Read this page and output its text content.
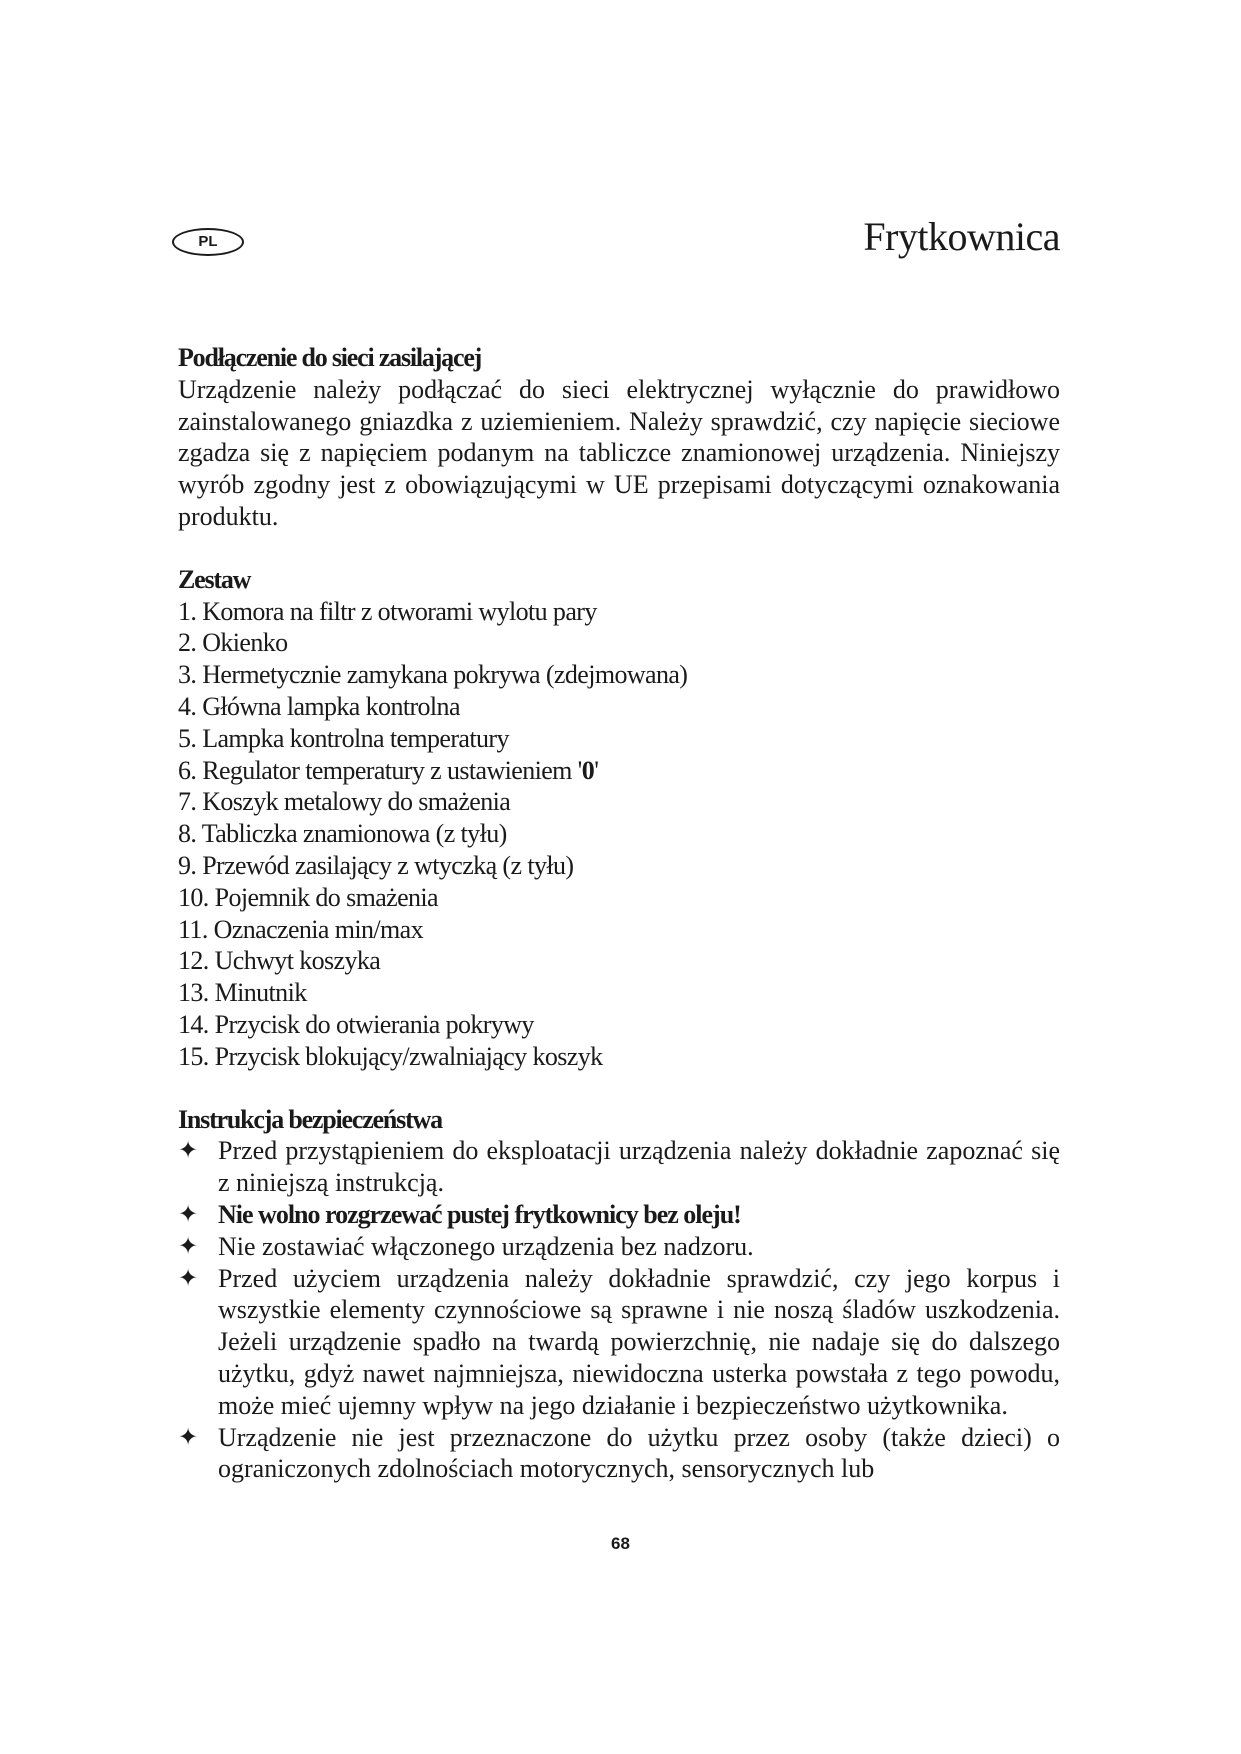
PL	Frytkownica
Podłączenie do sieci zasilającej

Urządzenie należy podłączać do sieci elektrycznej wyłącznie do prawidłowo zainstalowanego gniazdka z uziemieniem. Należy sprawdzić, czy napięcie sieciowe zgadza się z napięciem podanym na tabliczce znamionowej urządzenia. Niniejszy wyrób zgodny jest z obowiązującymi w UE przepisami dotyczącymi oznakowania produktu.

Zestaw
1. Komora na filtr z otworami wylotu pary
2. Okienko
3. Hermetycznie zamykana pokrywa (zdejmowana)
4. Główna lampka kontrolna
5. Lampka kontrolna temperatury
6. Regulator temperatury z ustawieniem '0'
7. Koszyk metalowy do smażenia
8. Tabliczka znamionowa (z tyłu)
9. Przewód zasilający z wtyczką (z tyłu)
10. Pojemnik do smażenia
11. Oznaczenia min/max
12. Uchwyt koszyka
13. Minutnik
14. Przycisk do otwierania pokrywy
15. Przycisk blokujący/zwalniający koszyk
Instrukcja bezpieczeństwa
✦ Przed przystąpieniem do eksploatacji urządzenia należy dokładnie zapoznać się z niniejszą instrukcją.
✦ Nie wolno rozgrzewać pustej frytkownicy bez oleju!
✦ Nie zostawiać włączonego urządzenia bez nadzoru.
✦ Przed użyciem urządzenia należy dokładnie sprawdzić, czy jego korpus i wszystkie elementy czynnościowe są sprawne i nie noszą śladów uszkodzenia. Jeżeli urządzenie spadło na twardą powierzchnię, nie nadaje się do dalszego użytku, gdyż nawet najmniejsza, niewidoczna usterka powstała z tego powodu, może mieć ujemny wpływ na jego działanie i bezpieczeństwo użytkownika.
✦ Urządzenie nie jest przeznaczone do użytku przez osoby (także dzieci) o ograniczonych zdolnościach motorycznych, sensorycznych lub
68
